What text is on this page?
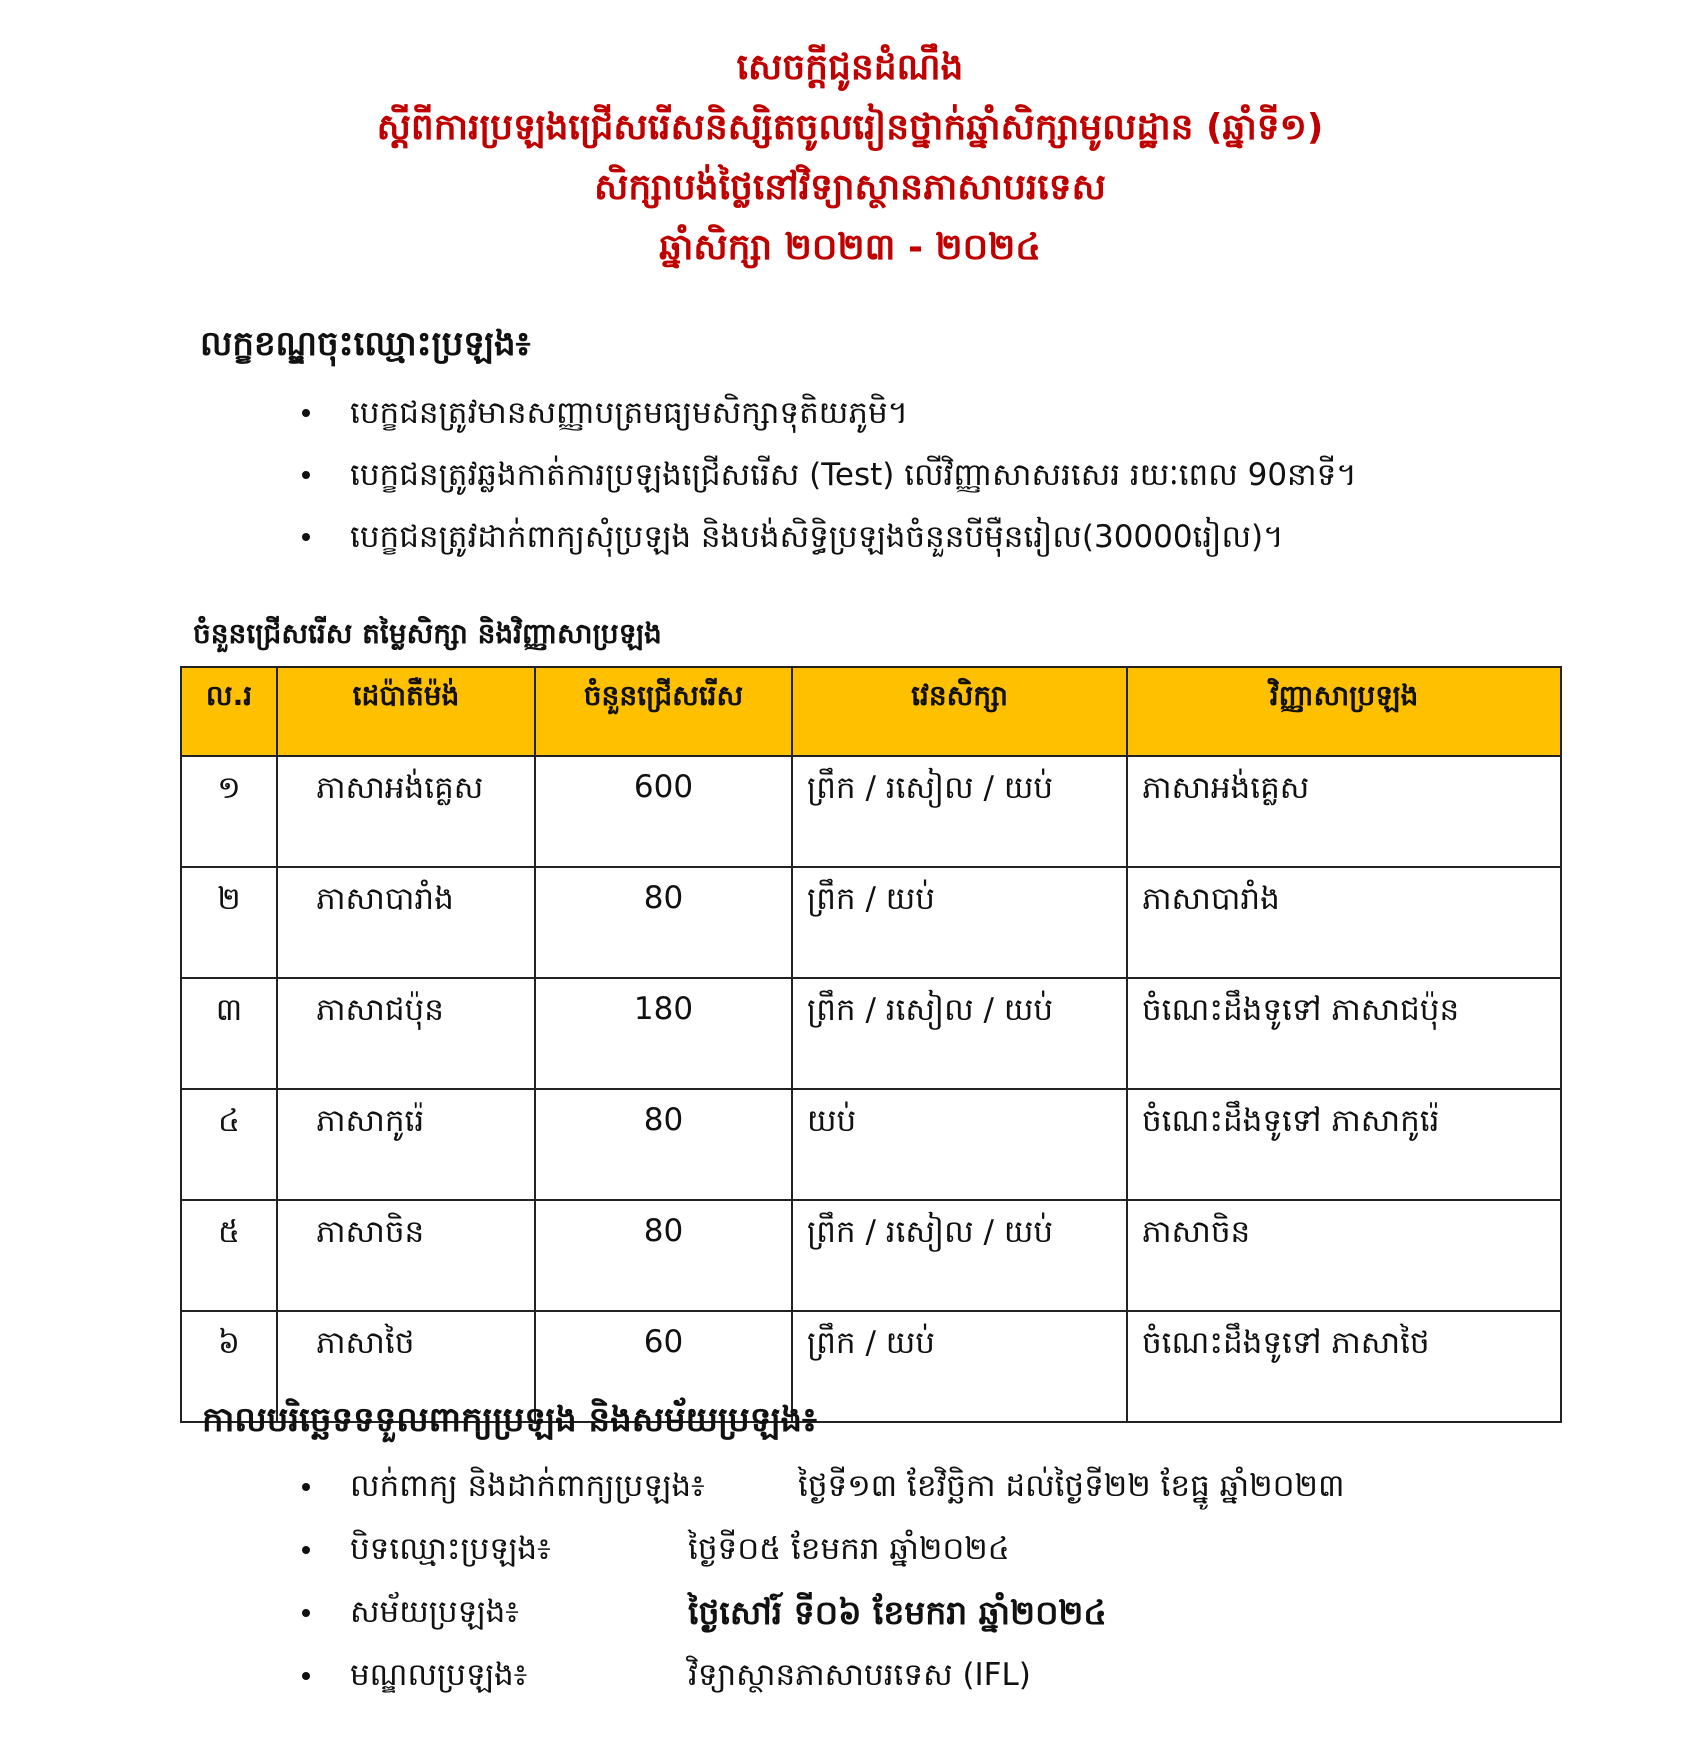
សេចក្តីជូនដំណឹង
ស្តីពីការប្រឡងជ្រើសរើសនិស្សិតចូលរៀនថ្នាក់ឆ្នាំសិក្សាមូលដ្ឋាន (ឆ្នាំទី១)
សិក្សាបង់ថ្លៃនៅវិទ្យាស្ថានភាសាបរទេស
ឆ្នាំសិក្សា ២០២៣ - ២០២៤
លក្ខខណ្ឌចុះឈ្មោះប្រឡង៖
បេក្ខជនត្រូវមានសញ្ញាបត្រមធ្យមសិក្សាទុតិយភូមិ។
បេក្ខជនត្រូវឆ្លងកាត់ការប្រឡងជ្រើសរើស (Test) លើវិញ្ញាសាសរសេរ រយៈពេល 90នាទី។
បេក្ខជនត្រូវដាក់ពាក្យសុំប្រឡង និងបង់សិទ្ធិប្រឡងចំនួនបីម៉ឺនរៀល(30000រៀល)។
ចំនួនជ្រើសរើស តម្លៃសិក្សា និងវិញ្ញាសាប្រឡង
ល.រ	ដេប៉ាតឺម៉ង់	ចំនួនជ្រើសរើស	វេនសិក្សា	វិញ្ញាសាប្រឡង
១	ភាសាអង់គ្លេស	600	ព្រឹក / រសៀល / យប់	ភាសាអង់គ្លេស
២	ភាសាបារាំង	80	ព្រឹក / យប់	ភាសាបារាំង
៣	ភាសាជប៉ុន	180	ព្រឹក / រសៀល / យប់	ចំណេះដឹងទូទៅ ភាសាជប៉ុន
៤	ភាសាកូរ៉េ	80	យប់	ចំណេះដឹងទូទៅ ភាសាកូរ៉េ
៥	ភាសាចិន	80	ព្រឹក / រសៀល / យប់	ភាសាចិន
៦	ភាសាថៃ	60	ព្រឹក / យប់	ចំណេះដឹងទូទៅ ភាសាថៃ
កាលបរិច្ឆេទទទួលពាក្យប្រឡង និងសម័យប្រឡង៖
លក់ពាក្យ និងដាក់ពាក្យប្រឡង៖	ថ្ងៃទី១៣ ខែវិច្ឆិកា ដល់ថ្ងៃទី២២ ខែធ្នូ ឆ្នាំ២០២៣
បិទឈ្មោះប្រឡង៖	ថ្ងៃទី០៥ ខែមករា ឆ្នាំ២០២៤
សម័យប្រឡង៖	ថ្ងៃសៅរ៍ ទី០៦ ខែមករា ឆ្នាំ២០២៤
មណ្ឌលប្រឡង៖	វិទ្យាស្ថានភាសាបរទេស (IFL)
